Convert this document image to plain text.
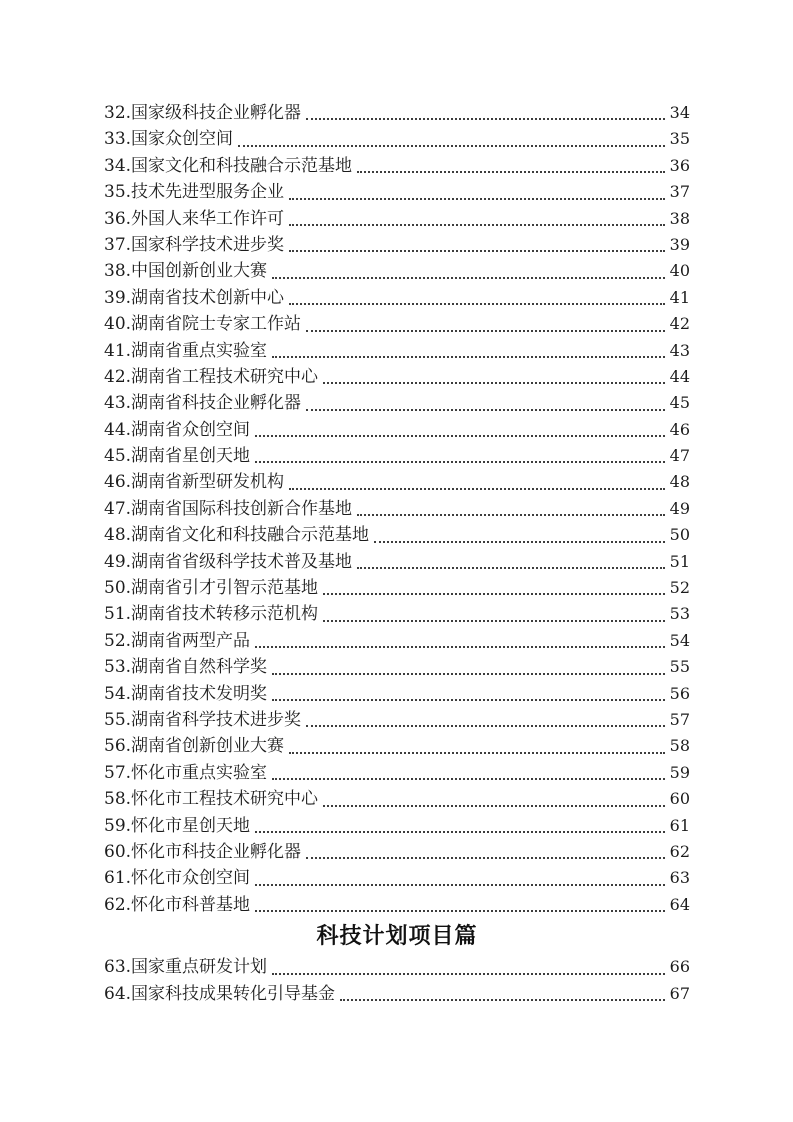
32.国家级科技企业孵化器	34
33.国家众创空间	35
34.国家文化和科技融合示范基地	36
35.技术先进型服务企业	37
36.外国人来华工作许可	38
37.国家科学技术进步奖	39
38.中国创新创业大赛	40
39.湖南省技术创新中心	41
40.湖南省院士专家工作站	42
41.湖南省重点实验室	43
42.湖南省工程技术研究中心	44
43.湖南省科技企业孵化器	45
44.湖南省众创空间	46
45.湖南省星创天地	47
46.湖南省新型研发机构	48
47.湖南省国际科技创新合作基地	49
48.湖南省文化和科技融合示范基地	50
49.湖南省省级科学技术普及基地	51
50.湖南省引才引智示范基地	52
51.湖南省技术转移示范机构	53
52.湖南省两型产品	54
53.湖南省自然科学奖	55
54.湖南省技术发明奖	56
55.湖南省科学技术进步奖	57
56.湖南省创新创业大赛	58
57.怀化市重点实验室	59
58.怀化市工程技术研究中心	60
59.怀化市星创天地	61
60.怀化市科技企业孵化器	62
61.怀化市众创空间	63
62.怀化市科普基地	64
科技计划项目篇
63.国家重点研发计划	66
64.国家科技成果转化引导基金	67
